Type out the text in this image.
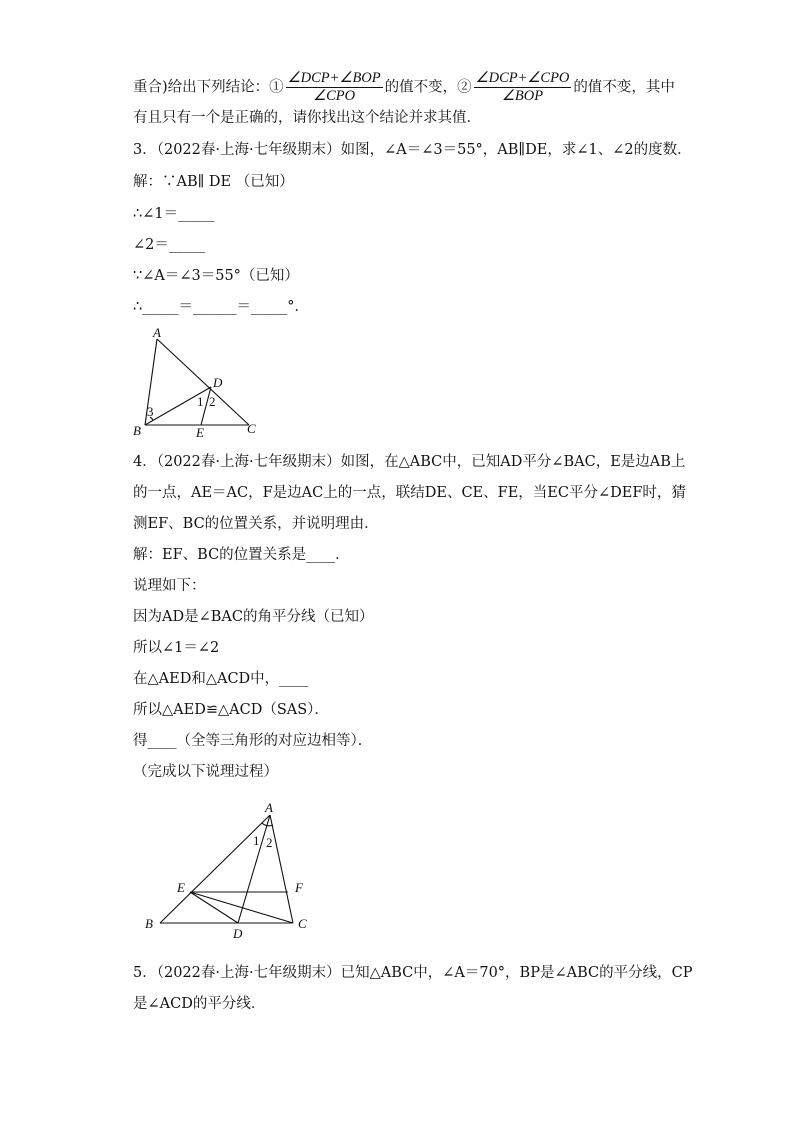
重合)给出下列结论：① $\frac{\text{∠DCP+∠BOP}}{\text{∠CPO}}$ 的值不变，② $\frac{\text{∠DCP+∠CPO}}{\text{∠BOP}}$ 的值不变，其中
有且只有一个是正确的，请你找出这个结论并求其值．
3．（2022春·上海·七年级期末）如图，∠A＝∠3＝55°，AB∥DE，求∠1、∠2的度数．
解：∵AB∥ DE （已知）
∴∠1＝_____
∠2＝_____
∵∠A＝∠3＝55°（已知）
∴_____＝______＝_____°．
A
B	C
D
E
1 2
3
4．（2022春·上海·七年级期末）如图，在△ABC中，已知AD平分∠BAC，E是边AB上
的一点，AE＝AC，F是边AC上的一点，联结DE、CE、FE，当EC平分∠DEF时，猜
测EF、BC的位置关系，并说明理由．
解：EF、BC的位置关系是____．
说理如下：
因为AD是∠BAC的角平分线（已知）
所以∠1＝∠2
在△AED和△ACD中，____
所以△AED≌△ACD（SAS）．
得____（全等三角形的对应边相等）．
（完成以下说理过程）
A
B	C
D
E	F
1 2
5．（2022春·上海·七年级期末）已知△ABC中，∠A＝70°，BP是∠ABC的平分线，CP
是∠ACD的平分线．
